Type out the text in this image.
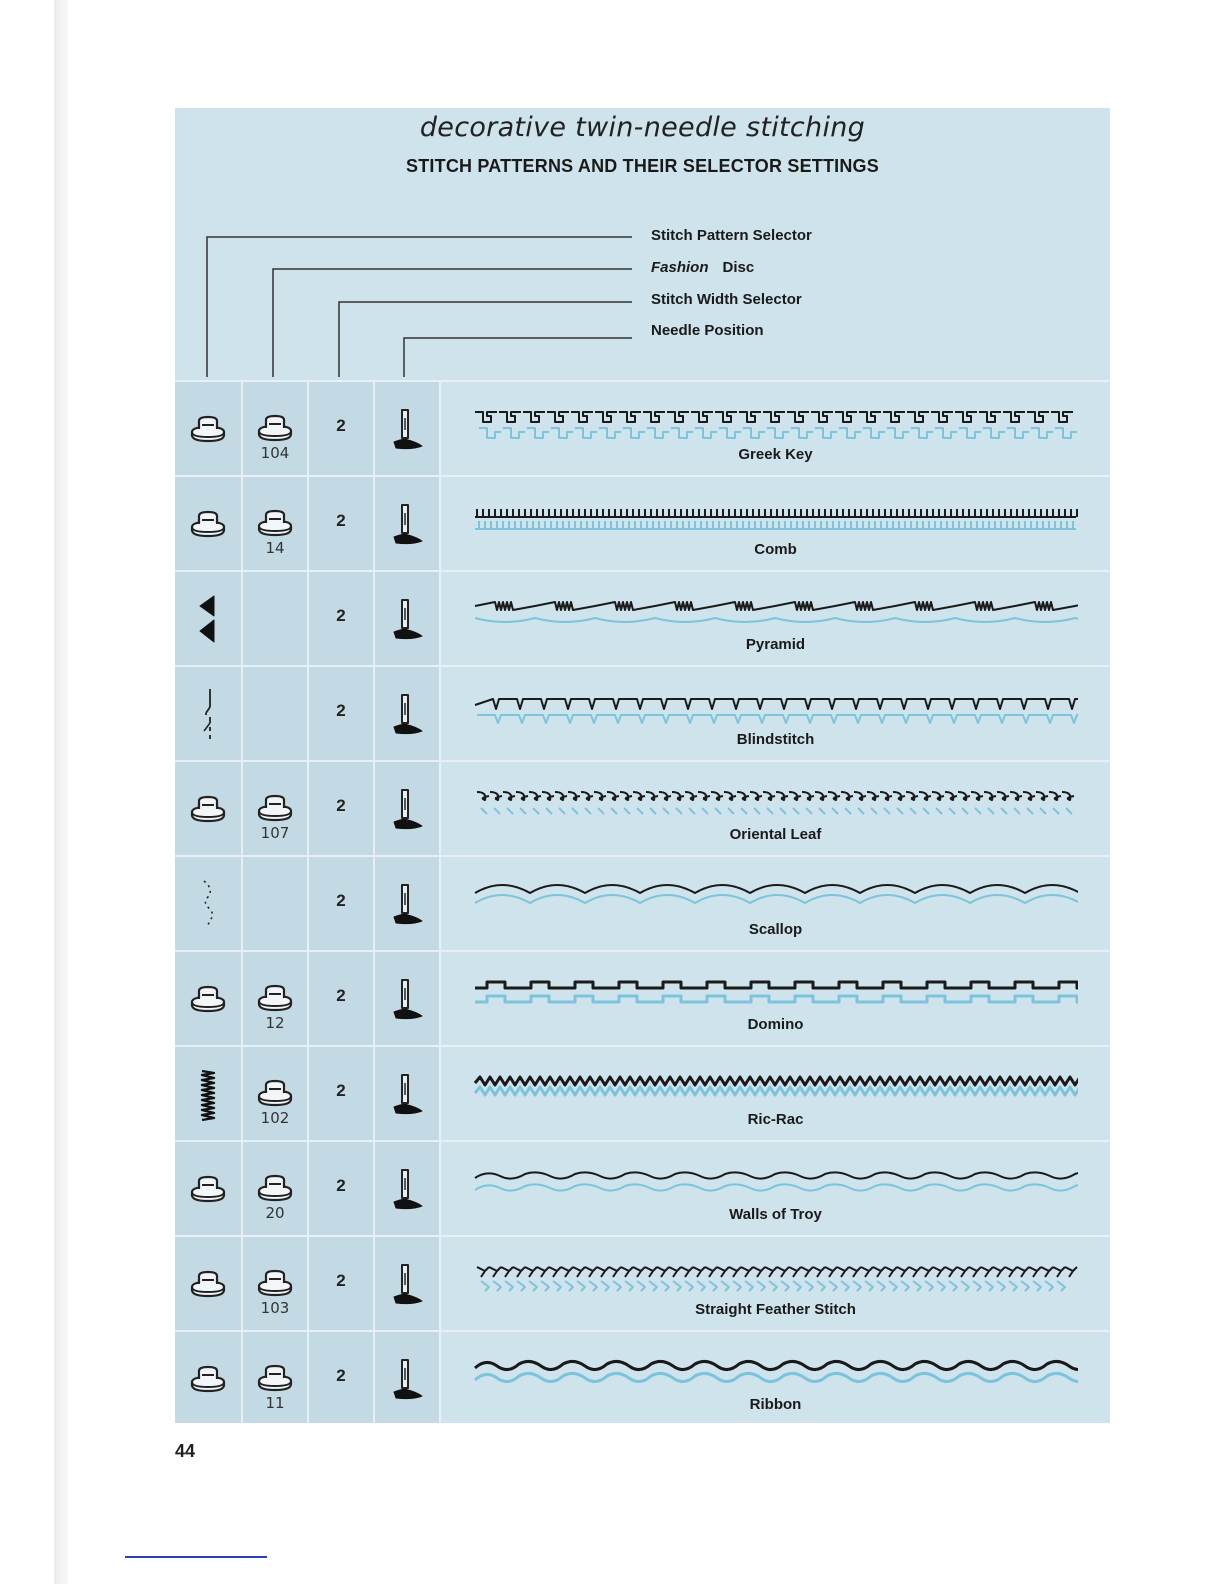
decorative twin-needle stitching
STITCH PATTERNS AND THEIR SELECTOR SETTINGS
Stitch Pattern Selector
Fashion Disc
Stitch Width Selector
Needle Position
104
2
Greek Key
14
2
Comb
2
Pyramid
2
Blindstitch
107
2
Oriental Leaf
2
Scallop
12
2
Domino
102
2
Ric-Rac
20
2
Walls of Troy
103
2
Straight Feather Stitch
11
2
Ribbon
44
